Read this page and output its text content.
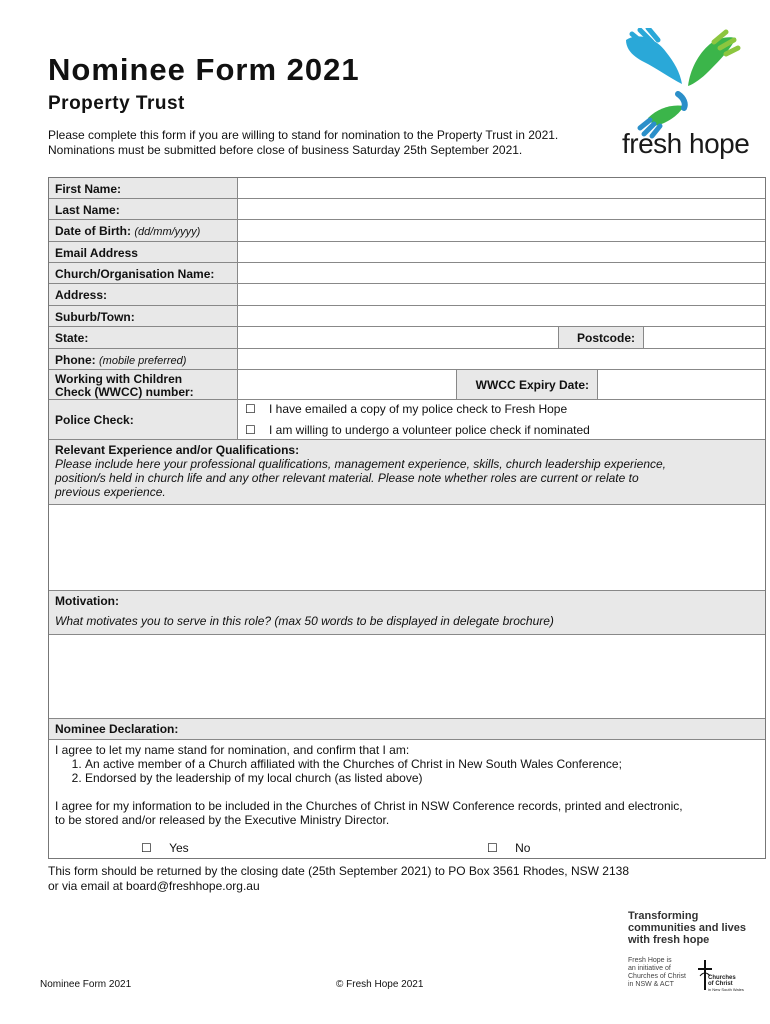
Nominee Form 2021
Property Trust
Please complete this form if you are willing to stand for nomination to the Property Trust in 2021.
Nominations must be submitted before close of business Saturday 25th September 2021.	fresh hope
First Name:
Last Name:
Date of Birth: (dd/mm/yyyy)
Email Address
Church/Organisation Name:
Address:
Suburb/Town:
State:	Postcode:
Phone: (mobile preferred)
Working with Children
Check (WWCC) number:
WWCC Expiry Date:
Police Check:
☐ I have emailed a copy of my police check to Fresh Hope
☐ I am willing to undergo a volunteer police check if nominated
Relevant Experience and/or Qualifications:
Please include here your professional qualifications, management experience, skills, church leadership experience,
position/s held in church life and any other relevant material. Please note whether roles are current or relate to
previous experience.
Motivation:
What motivates you to serve in this role? (max 50 words to be displayed in delegate brochure)
Nominee Declaration:

I agree to let my name stand for nomination, and confirm that I am:

1. An active member of a Church affiliated with the Churches of Christ in New South Wales Conference;
2. Endorsed by the leadership of my local church (as listed above)

I agree for my information to be included in the Churches of Christ in NSW Conference records, printed and electronic,
to be stored and/or released by the Executive Ministry Director.

☐ Yes	☐ No
This form should be returned by the closing date (25th September 2021) to PO Box 3561 Rhodes, NSW 2138
or via email at board@freshhope.org.au
Transforming
communities and lives
with fresh hope
Fresh Hope is
an initiative of
Churches of Christ
in NSW & ACT
Churches
of Christ
in New South Wales
Nominee Form 2021	© Fresh Hope 2021
